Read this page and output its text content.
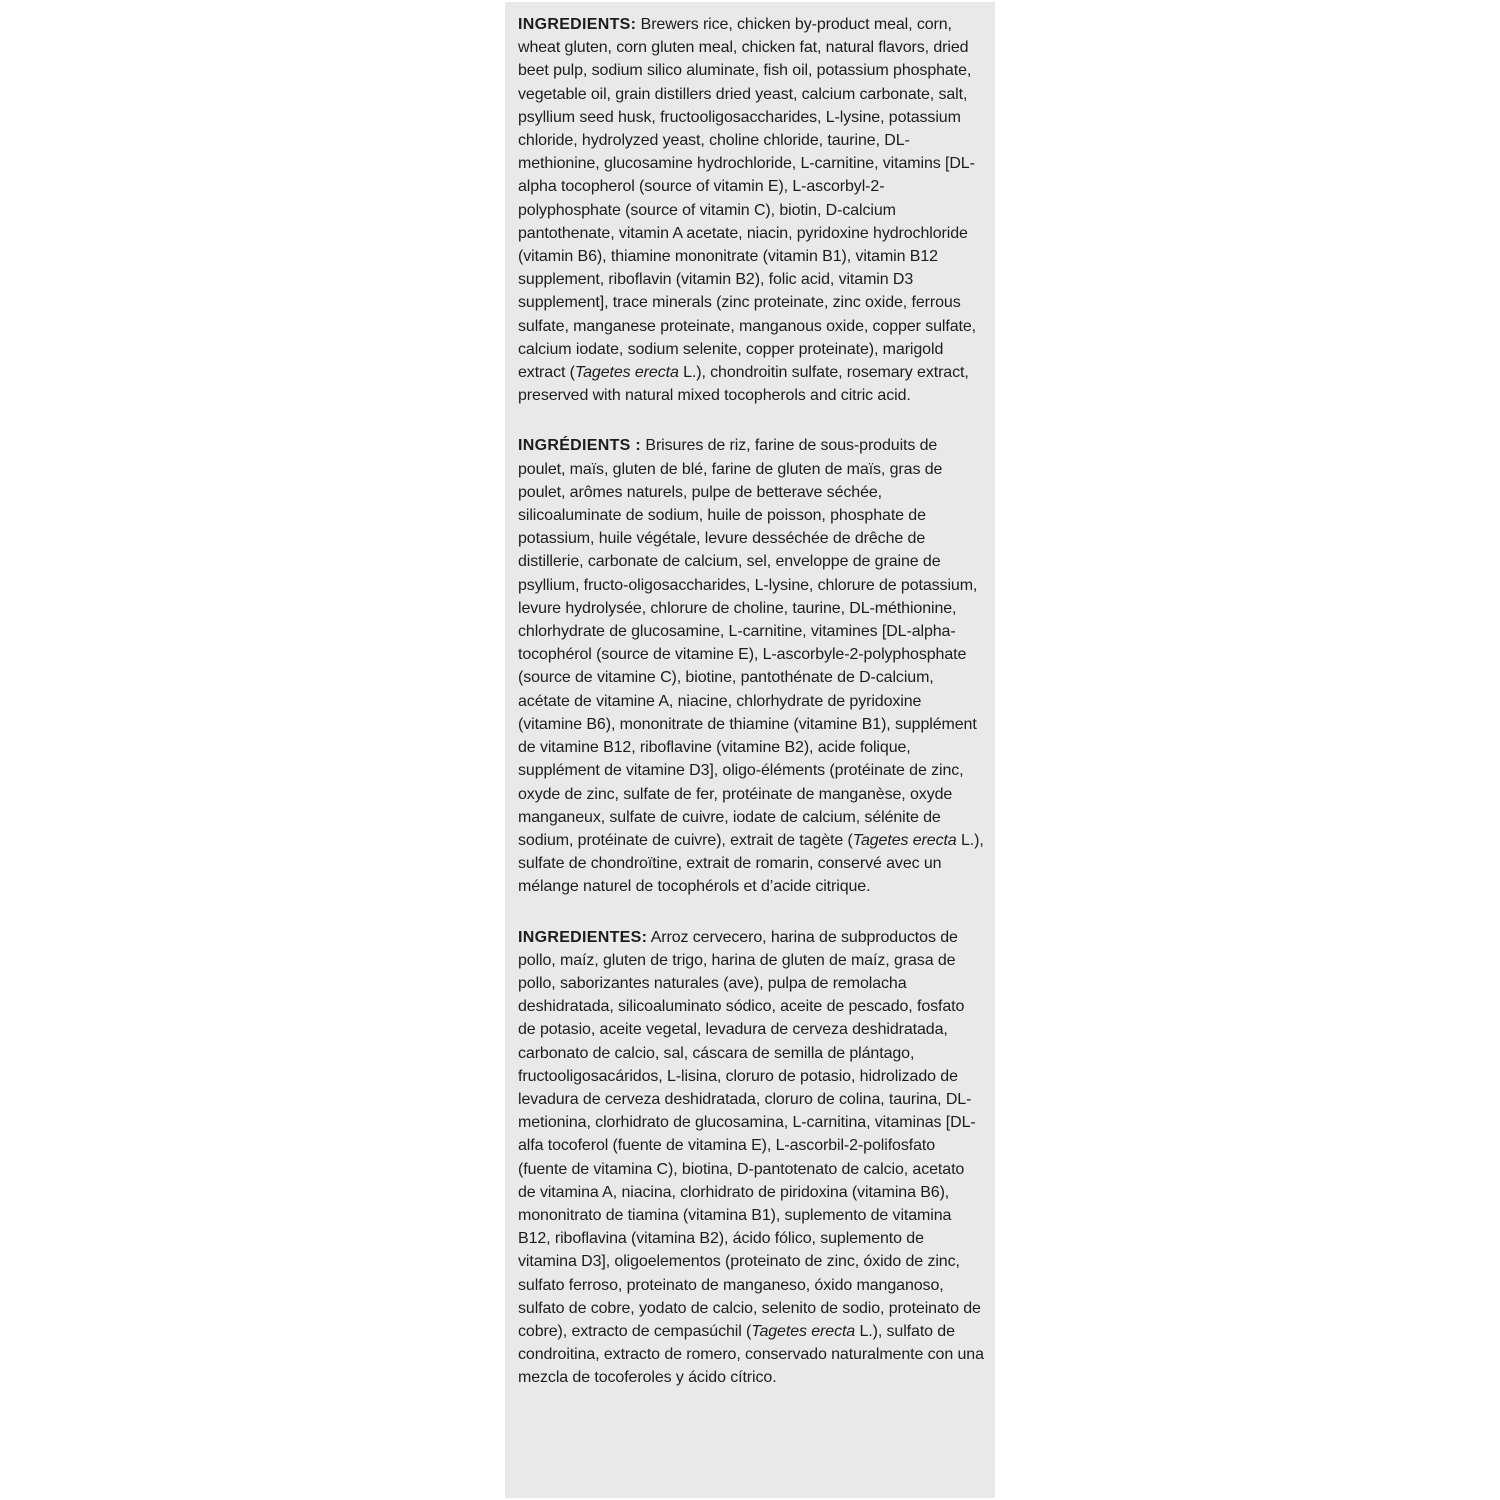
INGREDIENTS: Brewers rice, chicken by-product meal, corn, wheat gluten, corn gluten meal, chicken fat, natural flavors, dried beet pulp, sodium silico aluminate, fish oil, potassium phosphate, vegetable oil, grain distillers dried yeast, calcium carbonate, salt, psyllium seed husk, fructooligosaccharides, L-lysine, potassium chloride, hydrolyzed yeast, choline chloride, taurine, DL-methionine, glucosamine hydrochloride, L-carnitine, vitamins [DL-alpha tocopherol (source of vitamin E), L-ascorbyl-2-polyphosphate (source of vitamin C), biotin, D-calcium pantothenate, vitamin A acetate, niacin, pyridoxine hydrochloride (vitamin B6), thiamine mononitrate (vitamin B1), vitamin B12 supplement, riboflavin (vitamin B2), folic acid, vitamin D3 supplement], trace minerals (zinc proteinate, zinc oxide, ferrous sulfate, manganese proteinate, manganous oxide, copper sulfate, calcium iodate, sodium selenite, copper proteinate), marigold extract (Tagetes erecta L.), chondroitin sulfate, rosemary extract, preserved with natural mixed tocopherols and citric acid.

INGRÉDIENTS : Brisures de riz, farine de sous-produits de poulet, maïs, gluten de blé, farine de gluten de maïs, gras de poulet, arômes naturels, pulpe de betterave séchée, silicoaluminate de sodium, huile de poisson, phosphate de potassium, huile végétale, levure desséchée de drêche de distillerie, carbonate de calcium, sel, enveloppe de graine de psyllium, fructo-oligosaccharides, L-lysine, chlorure de potassium, levure hydrolysée, chlorure de choline, taurine, DL-méthionine, chlorhydrate de glucosamine, L-carnitine, vitamines [DL-alpha-tocophérol (source de vitamine E), L-ascorbyle-2-polyphosphate (source de vitamine C), biotine, pantothénate de D-calcium, acétate de vitamine A, niacine, chlorhydrate de pyridoxine (vitamine B6), mononitrate de thiamine (vitamine B1), supplément de vitamine B12, riboflavine (vitamine B2), acide folique, supplément de vitamine D3], oligo-éléments (protéinate de zinc, oxyde de zinc, sulfate de fer, protéinate de manganèse, oxyde manganeux, sulfate de cuivre, iodate de calcium, sélénite de sodium, protéinate de cuivre), extrait de tagète (Tagetes erecta L.), sulfate de chondroïtine, extrait de romarin, conservé avec un mélange naturel de tocophérols et d’acide citrique.

INGREDIENTES: Arroz cervecero, harina de subproductos de pollo, maíz, gluten de trigo, harina de gluten de maíz, grasa de pollo, saborizantes naturales (ave), pulpa de remolacha deshidratada, silicoaluminato sódico, aceite de pescado, fosfato de potasio, aceite vegetal, levadura de cerveza deshidratada, carbonato de calcio, sal, cáscara de semilla de plántago, fructooligosacáridos, L-lisina, cloruro de potasio, hidrolizado de levadura de cerveza deshidratada, cloruro de colina, taurina, DL-metionina, clorhidrato de glucosamina, L-carnitina, vitaminas [DL-alfa tocoferol (fuente de vitamina E), L-ascorbil-2-polifosfato (fuente de vitamina C), biotina, D-pantotenato de calcio, acetato de vitamina A, niacina, clorhidrato de piridoxina (vitamina B6), mononitrato de tiamina (vitamina B1), suplemento de vitamina B12, riboflavina (vitamina B2), ácido fólico, suplemento de vitamina D3], oligoelementos (proteinato de zinc, óxido de zinc, sulfato ferroso, proteinato de manganeso, óxido manganoso, sulfato de cobre, yodato de calcio, selenito de sodio, proteinato de cobre), extracto de cempasúchil (Tagetes erecta L.), sulfato de condroitina, extracto de romero, conservado naturalmente con una mezcla de tocoferoles y ácido cítrico.
